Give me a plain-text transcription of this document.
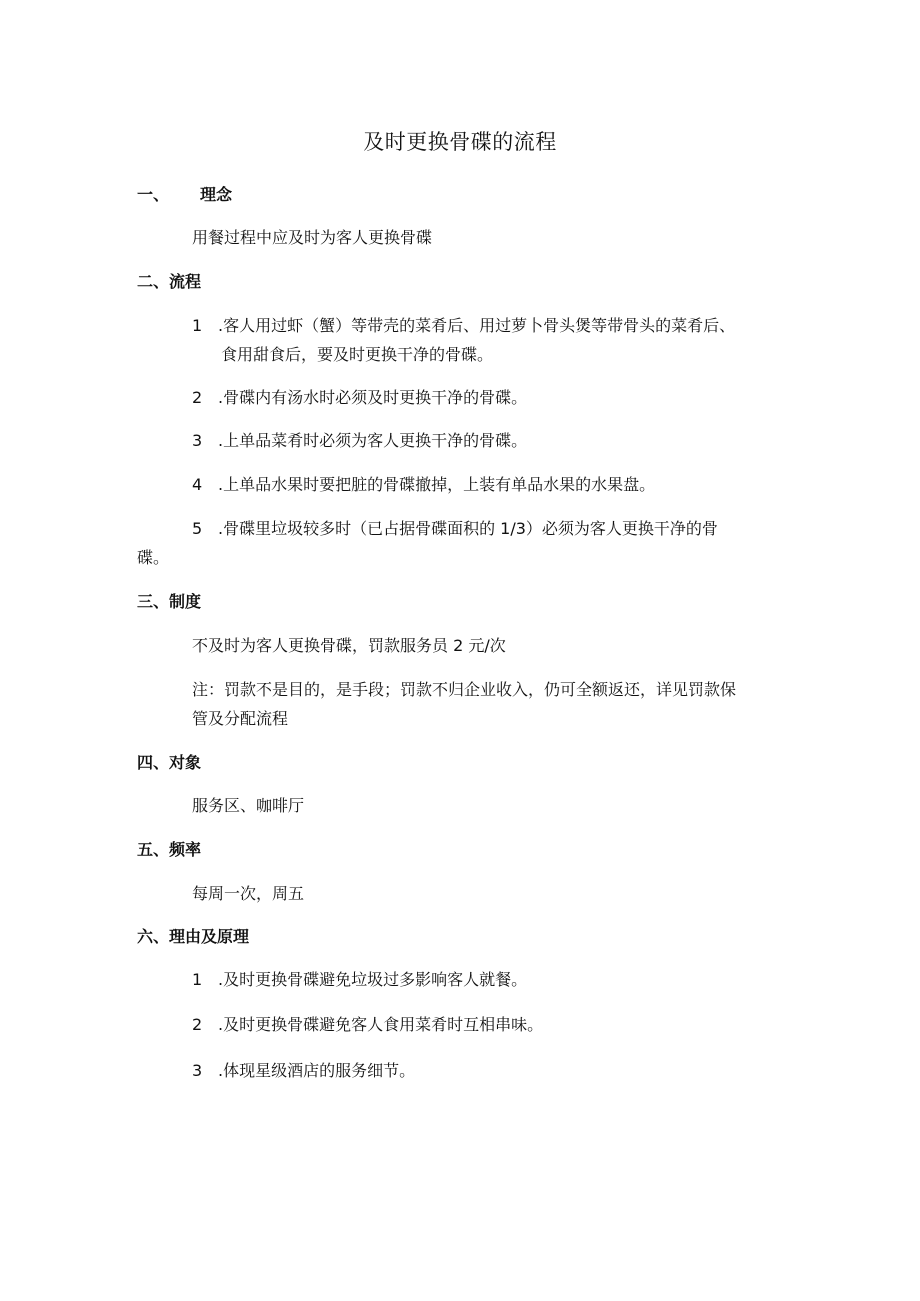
及时更换骨碟的流程
一、 理念
用餐过程中应及时为客人更换骨碟
二、流程
1 .客人用过虾（蟹）等带壳的菜肴后、用过萝卜骨头煲等带骨头的菜肴后、
食用甜食后，要及时更换干净的骨碟。
2 .骨碟内有汤水时必须及时更换干净的骨碟。
3 .上单品菜肴时必须为客人更换干净的骨碟。
4 .上单品水果时要把脏的骨碟撤掉，上装有单品水果的水果盘。
5 .骨碟里垃圾较多时（已占据骨碟面积的 1/3）必须为客人更换干净的骨
碟。
三、制度
不及时为客人更换骨碟，罚款服务员 2 元/次
注：罚款不是目的，是手段；罚款不归企业收入，仍可全额返还，详见罚款保
管及分配流程
四、对象
服务区、咖啡厅
五、频率
每周一次，周五
六、理由及原理
1 .及时更换骨碟避免垃圾过多影响客人就餐。
2 .及时更换骨碟避免客人食用菜肴时互相串味。
3 .体现星级酒店的服务细节。
